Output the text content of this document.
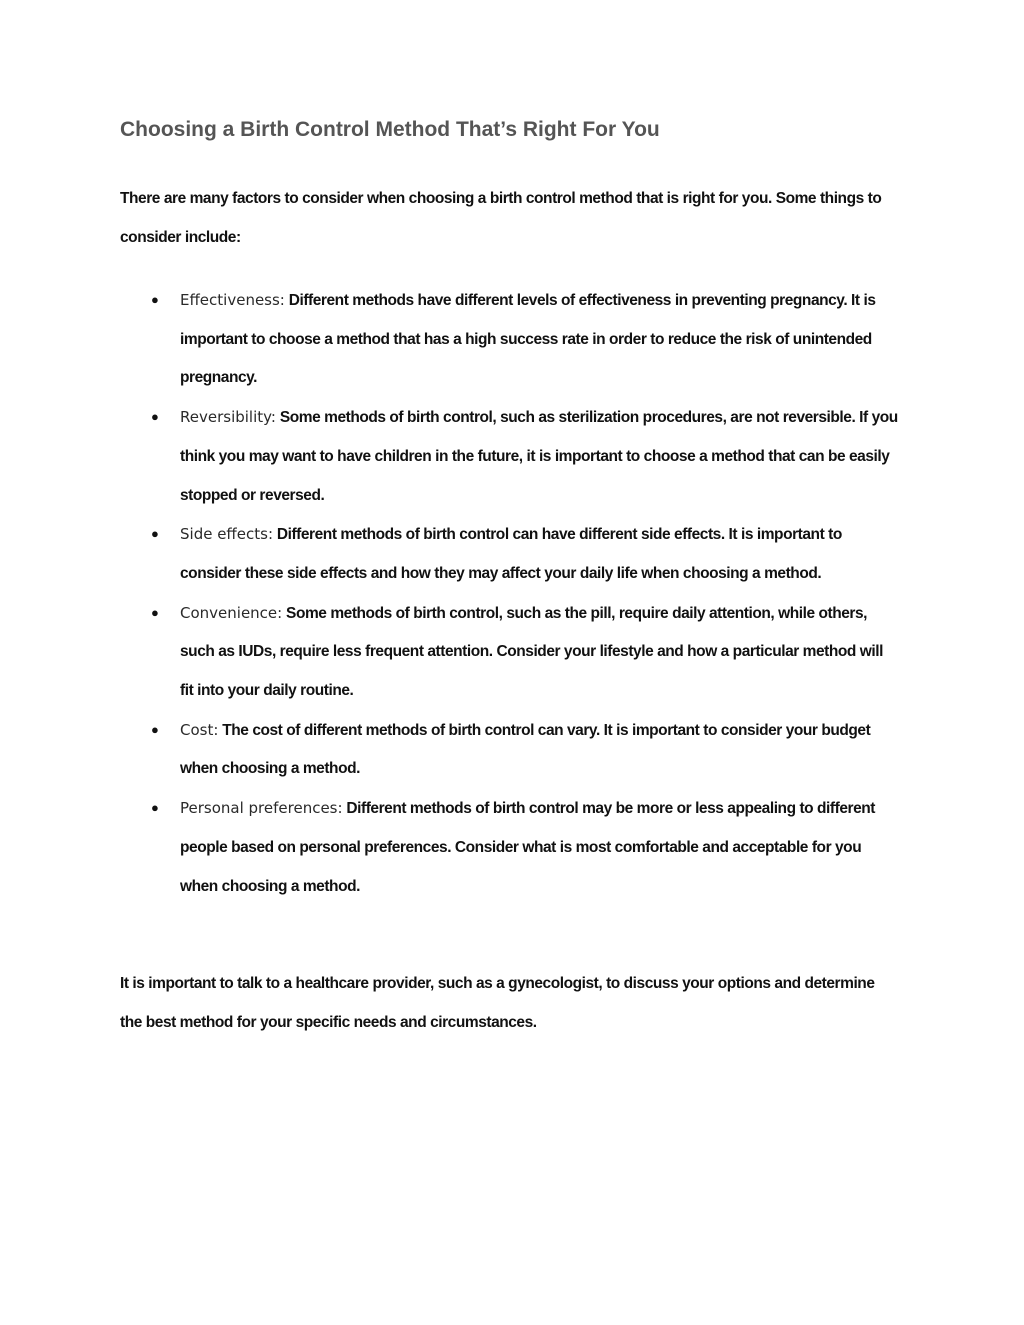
Choosing a Birth Control Method That’s Right For You

There are many factors to consider when choosing a birth control method that is right for you. Some things to consider include:

● Effectiveness: Different methods have different levels of effectiveness in preventing pregnancy. It is important to choose a method that has a high success rate in order to reduce the risk of unintended pregnancy.
● Reversibility: Some methods of birth control, such as sterilization procedures, are not reversible. If you think you may want to have children in the future, it is important to choose a method that can be easily stopped or reversed.
● Side effects: Different methods of birth control can have different side effects. It is important to consider these side effects and how they may affect your daily life when choosing a method.
● Convenience: Some methods of birth control, such as the pill, require daily attention, while others, such as IUDs, require less frequent attention. Consider your lifestyle and how a particular method will fit into your daily routine.
● Cost: The cost of different methods of birth control can vary. It is important to consider your budget when choosing a method.
● Personal preferences: Different methods of birth control may be more or less appealing to different people based on personal preferences. Consider what is most comfortable and acceptable for you when choosing a method.

It is important to talk to a healthcare provider, such as a gynecologist, to discuss your options and determine the best method for your specific needs and circumstances.
